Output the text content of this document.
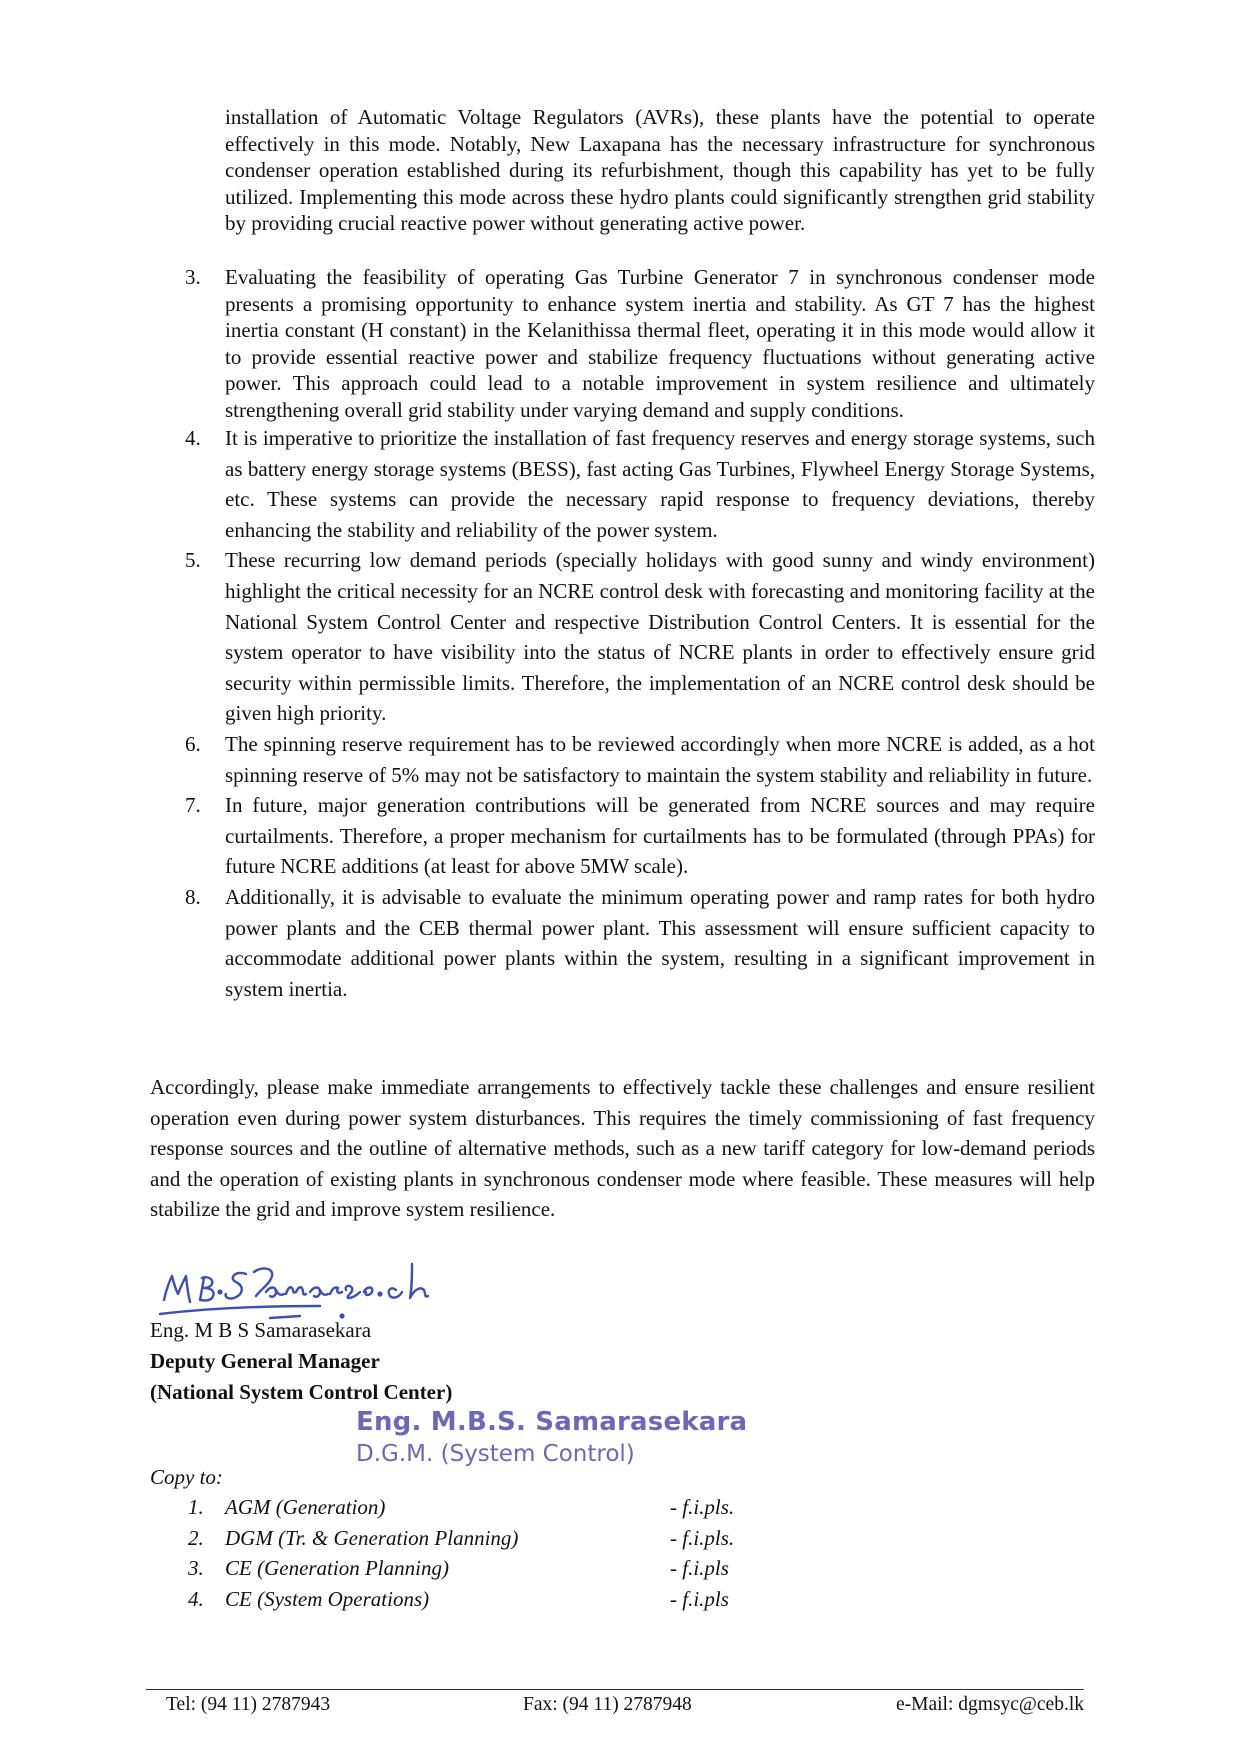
installation of Automatic Voltage Regulators (AVRs), these plants have the potential to operate effectively in this mode. Notably, New Laxapana has the necessary infrastructure for synchronous condenser operation established during its refurbishment, though this capability has yet to be fully utilized. Implementing this mode across these hydro plants could significantly strengthen grid stability by providing crucial reactive power without generating active power.

3. Evaluating the feasibility of operating Gas Turbine Generator 7 in synchronous condenser mode presents a promising opportunity to enhance system inertia and stability. As GT 7 has the highest inertia constant (H constant) in the Kelanithissa thermal fleet, operating it in this mode would allow it to provide essential reactive power and stabilize frequency fluctuations without generating active power. This approach could lead to a notable improvement in system resilience and ultimately strengthening overall grid stability under varying demand and supply conditions.
4. It is imperative to prioritize the installation of fast frequency reserves and energy storage systems, such as battery energy storage systems (BESS), fast acting Gas Turbines, Flywheel Energy Storage Systems, etc. These systems can provide the necessary rapid response to frequency deviations, thereby enhancing the stability and reliability of the power system.
5. These recurring low demand periods (specially holidays with good sunny and windy environment) highlight the critical necessity for an NCRE control desk with forecasting and monitoring facility at the National System Control Center and respective Distribution Control Centers. It is essential for the system operator to have visibility into the status of NCRE plants in order to effectively ensure grid security within permissible limits. Therefore, the implementation of an NCRE control desk should be given high priority.
6. The spinning reserve requirement has to be reviewed accordingly when more NCRE is added, as a hot spinning reserve of 5% may not be satisfactory to maintain the system stability and reliability in future.
7. In future, major generation contributions will be generated from NCRE sources and may require curtailments. Therefore, a proper mechanism for curtailments has to be formulated (through PPAs) for future NCRE additions (at least for above 5MW scale).
8. Additionally, it is advisable to evaluate the minimum operating power and ramp rates for both hydro power plants and the CEB thermal power plant. This assessment will ensure sufficient capacity to accommodate additional power plants within the system, resulting in a significant improvement in system inertia.

Accordingly, please make immediate arrangements to effectively tackle these challenges and ensure resilient operation even during power system disturbances. This requires the timely commissioning of fast frequency response sources and the outline of alternative methods, such as a new tariff category for low-demand periods and the operation of existing plants in synchronous condenser mode where feasible. These measures will help stabilize the grid and improve system resilience.

Eng. M B S Samarasekara
Deputy General Manager
(National System Control Center)
Eng. M.B.S. Samarasekara
D.G.M. (System Control)
Copy to:
1. AGM (Generation)	- f.i.pls.
2. DGM (Tr. & Generation Planning)	- f.i.pls.
3. CE (Generation Planning)	- f.i.pls
4. CE (System Operations)	- f.i.pls
Tel: (94 11) 2787943	Fax: (94 11) 2787948	e-Mail: dgmsyc@ceb.lk
